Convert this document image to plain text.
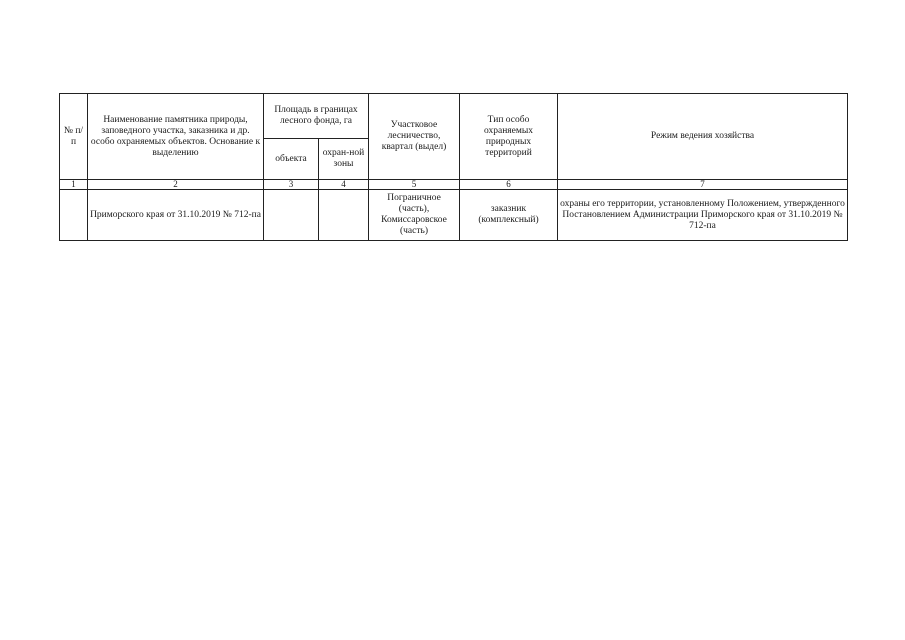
№ п/п	Наименование памятника природы, заповедного участка, заказника и др. особо охраняемых объектов. Основание к выделению	Площадь в границах лесного фонда, га		Участковое лесничество, квартал (выдел)	Тип особо охраняемых природных территорий	Режим ведения хозяйства
		объекта	охран-ной зоны			
1	2	3	4	5	6	7
	Приморского края от 31.10.2019 № 712-па			Пограничное (часть), Комиссаровское (часть)	заказник (комплексный)	охраны его территории, установленному Положением, утвержденного Постановлением Администрации Приморского края от 31.10.2019 № 712-па
